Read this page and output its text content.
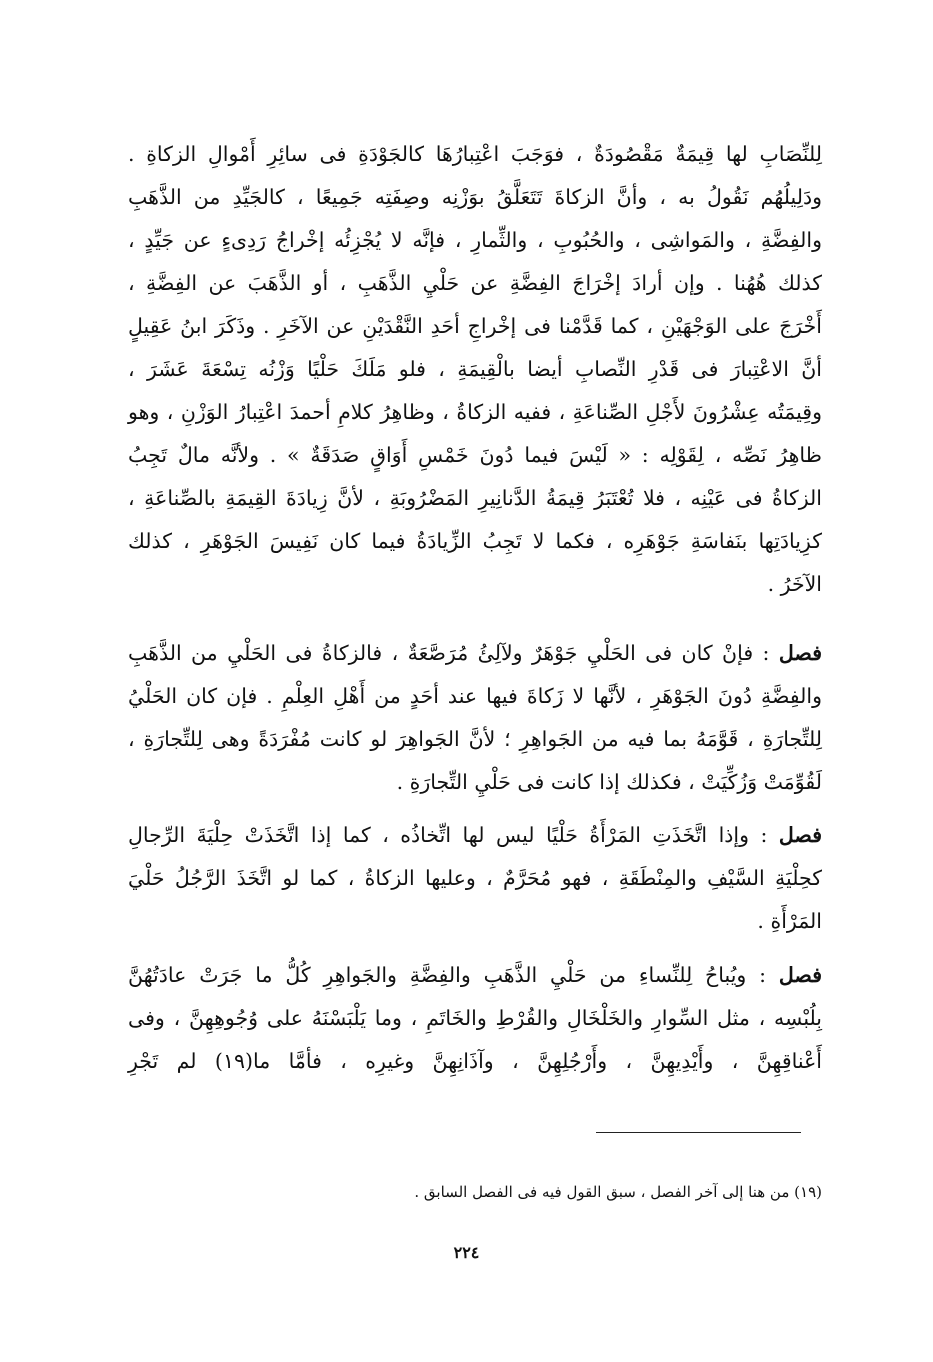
لِلنِّصَابِ لها قِيمَةٌ مَقْصُودَةٌ ، فوَجَبَ اعْتِبارُهَا كالجَوْدَةِ فى سائِرِ أَمْوالِ الزكاةِ .
ودَلِيلُهُم نَقُولُ به ، وأنَّ الزكاةَ تَتَعَلَّقُ بوَزْنِه وصِفَتِه جَمِيعًا ، كالجَيِّدِ من الذَّهَبِ
والفِضَّةِ ، والمَواشِى ، والحُبُوبِ ، والثِّمارِ ، فإنَّه لا يُجْزِئُه إخْراجُ رَدِىءٍ عن جَيِّدٍ ،
كذلك هُهُنا . وإن أرادَ إخْرَاجَ الفِضَّةِ عن حَلْيِ الذَّهَبِ ، أو الذَّهَبَ عن الفِضَّةِ ،
أَخْرَجَ على الوَجْهَيْنِ ، كما قَدَّمْنا فى إخْراجِ أحَدِ النَّقْدَيْنِ عن الآخَرِ . وذَكَرَ ابنُ عَقِيلٍ
أنَّ الاعْتِبارَ فى قَدْرِ النِّصابِ أيضا بالْقِيمَةِ ، فلو مَلَكَ حَلْيًا وَزْنُه تِسْعَةَ عَشَرَ ،
وقِيمَتُه عِشْرُونَ لأَجْلِ الصِّناعَةِ ، ففيه الزكاةُ ، وظاهِرُ كلامِ أحمدَ اعْتِبارُ الوَزْنِ ، وهو
ظاهِرُ نَصِّه ، لِقَوْلِه : « لَيْسَ فيما دُونَ خَمْسِ أَوَاقٍ صَدَقَةٌ » . ولأنَّه مالٌ تَجِبُ
الزكاةُ فى عَيْنِه ، فلا تُعْتَبَرُ قِيمَةُ الدَّنانِيرِ المَضْرُوبَةِ ، لأنَّ زِيادَةَ القِيمَةِ بالصِّناعَةِ ،
كزِيادَتِها بنَفاسَةِ جَوْهَرِه ، فكما لا تَجِبُ الزِّيادَةُ فيما كان نَفِيسَ الجَوْهَرِ ، كذلك
الآخَرُ .
فصل : فإنْ كان فى الحَلْيِ جَوْهَرٌ ولآلِئُ مُرَصَّعَةٌ ، فالزكاةُ فى الحَلْيِ من الذَّهَبِ
والفِضَّةِ دُونَ الجَوْهَرِ ، لأنَّها لا زَكاةَ فيها عند أحَدٍ من أَهْلِ العِلْمِ . فإن كان الحَلْيُ
لِلتِّجارَةِ ، قَوَّمَهُ بما فيه من الجَواهِرِ ؛ لأنَّ الجَواهِرَ لو كانت مُفْرَدَةً وهى لِلتِّجارَةِ ،
لَقُوِّمَتْ وَزُكِّيَتْ ، فكذلك إذا كانت فى حَلْيِ التِّجارَةِ .
فصل : وإذا اتَّخَذَتِ المَرْأَةُ حَلْيًا ليس لها اتِّخاذُه ، كما إذا اتَّخَذَتْ حِلْيَةَ الرِّجالِ
كحِلْيَةِ السَّيْفِ والمِنْطَقَةِ ، فهو مُحَرَّمٌ ، وعليها الزكاةُ ، كما لو اتَّخَذَ الرَّجُلُ حَلْيَ
المَرْأَةِ .
فصل : ويُباحُ لِلنِّساءِ من حَلْيِ الذَّهَبِ والفِضَّةِ والجَواهِرِ كُلُّ ما جَرَتْ عادَتُهُنَّ
بِلُبْسِه ، مثل السِّوارِ والخَلْخَالِ والقُرْطِ والخَاتَمِ ، وما يَلْبَسْنَهُ على وُجُوهِهِنَّ ، وفى
أَعْناقِهِنَّ ، وأَيْدِيهِنَّ ، وأَرْجُلِهِنَّ ، وآذَانِهِنَّ وغيرِه ، فأمَّا ما(١٩) لم تَجْرِ
(١٩) من هنا إلى آخر الفصل ، سبق القول فيه فى الفصل السابق .
٢٢٤
